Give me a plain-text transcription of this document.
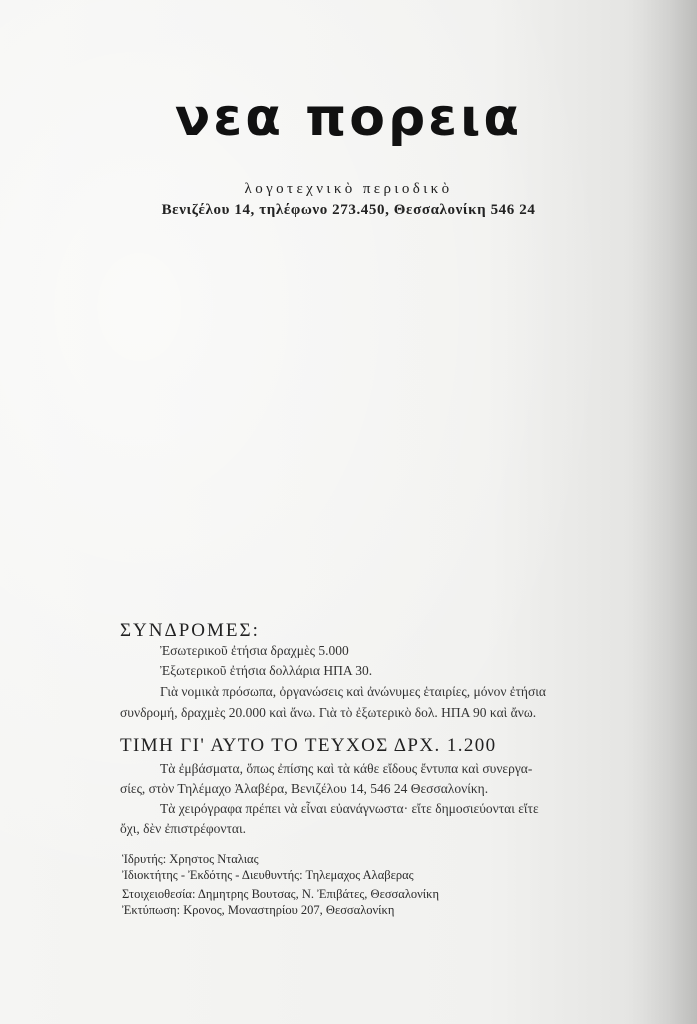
νεα πορεια
λογοτεχνικὸ περιοδικὸ
Βενιζέλου 14, τηλέφωνο 273.450, Θεσσαλονίκη 546 24
ΣΥΝΔΡΟΜΕΣ:
Ἐσωτερικοῦ ἐτήσια δραχμὲς 5.000
Ἐξωτερικοῦ ἐτήσια δολλάρια ΗΠΑ 30.
Γιὰ νομικὰ πρόσωπα, ὀργανώσεις καὶ ἀνώνυμες ἑταιρίες, μόνον ἐτήσια
συνδρομή, δραχμὲς 20.000 καὶ ἄνω. Γιὰ τὸ ἐξωτερικὸ δολ. ΗΠΑ 90 καὶ ἄνω.
ΤΙΜΗ ΓΙ' ΑΥΤΟ ΤΟ ΤΕΥΧΟΣ ΔΡΧ. 1.200
Τὰ ἐμβάσματα, ὅπως ἐπίσης καὶ τὰ κάθε εἴδους ἔντυπα καὶ συνεργα-
σίες, στὸν Τηλέμαχο Ἀλαβέρα, Βενιζέλου 14, 546 24 Θεσσαλονίκη.
Τὰ χειρόγραφα πρέπει νὰ εἶναι εὐανάγνωστα· εἴτε δημοσιεύονται εἴτε
ὄχι, δὲν ἐπιστρέφονται.
Ἱδρυτής: Χρηστος Νταλιας
Ἰδιοκτήτης - Ἐκδότης - Διευθυντής: Τηλεμαχος Αλαβερας
Στοιχειοθεσία: Δημητρης Βουτσας, Ν. Ἐπιβάτες, Θεσσαλονίκη
Ἐκτύπωση: Κρονος, Μοναστηρίου 207, Θεσσαλονίκη
